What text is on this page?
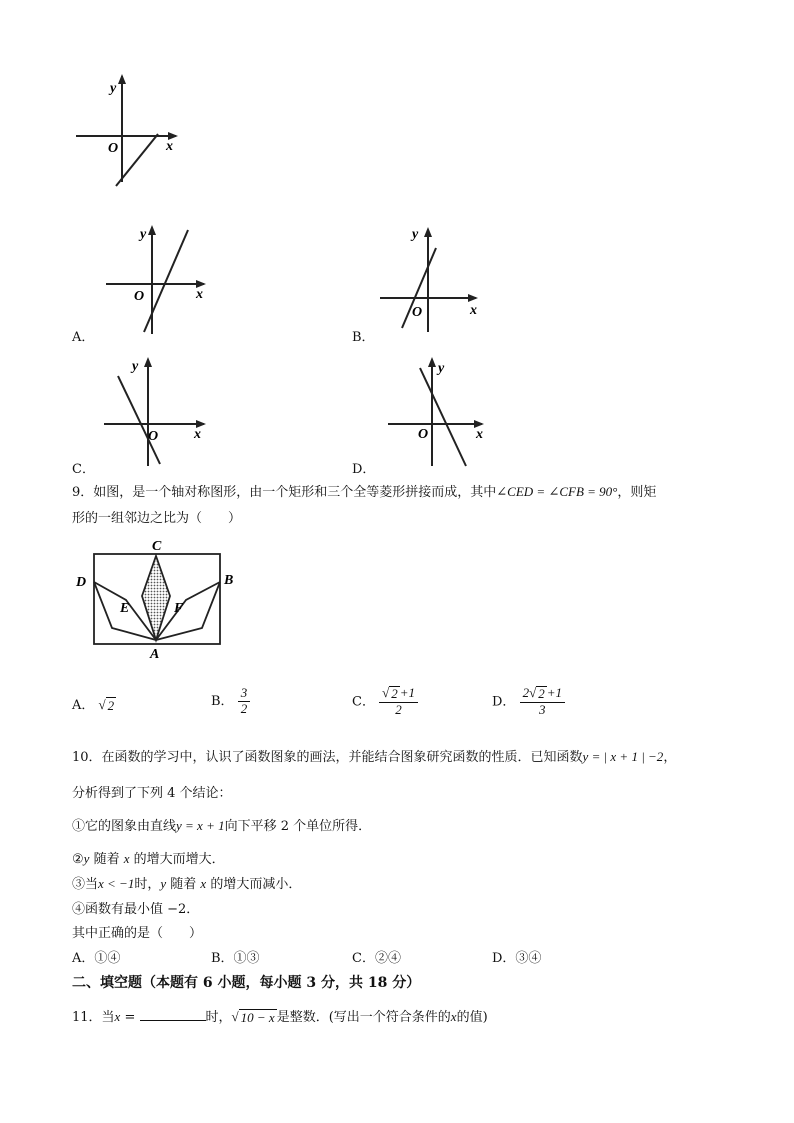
y
x
O
A．
y
x
O
B．
y
x
O
C．
y
x
O
D．
y
x
O
9．如图，是一个轴对称图形，由一个矩形和三个全等菱形拼接而成，其中∠CED = ∠CFB = 90°，则矩
形的一组邻边之比为（　　）
C
D	B
E	F
A
A． √ 2	B． $\frac{3}{2}$	C． $\frac{√ 2 +1}{2}$	D． $\frac{2 √ 2 +1}{3}$
10．在函数的学习中，认识了函数图象的画法，并能结合图象研究函数的性质．已知函数y = | x + 1 | −2，
分析得到了下列 4 个结论：
①它的图象由直线y = x + 1向下平移 2 个单位所得．
②y 随着 x 的增大而增大．
③当x < −1时，y 随着 x 的增大而减小．
④函数有最小值 −2．
其中正确的是（　　）
A．①④	B．①③	C．②④	D．③④
二、填空题（本题有 6 小题，每小题 3 分，共 18 分）
11．当x =	时， √ 10 − x 是整数．(写出一个符合条件的x的值)
